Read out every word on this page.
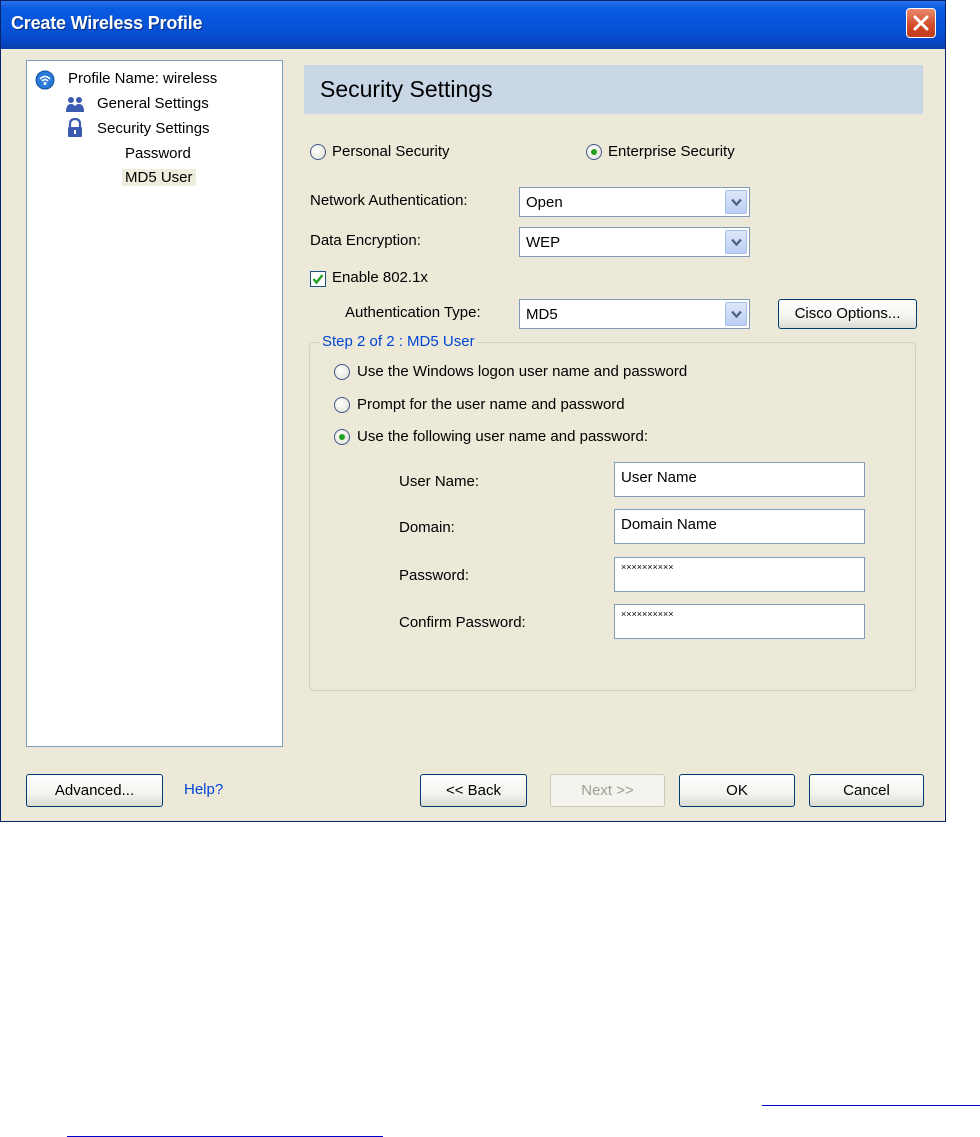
Create Wireless Profile
Profile Name: wireless
General Settings
Security Settings
Password
MD5 User
Security Settings
Personal Security	Enterprise Security
Network Authentication:	Open
Data Encryption:	WEP
Enable 802.1x
Authentication Type:	MD5	Cisco Options...
Step 2 of 2 : MD5 User
Use the Windows logon user name and password
Prompt for the user name and password
Use the following user name and password:
User Name:	User Name
Domain:	Domain Name
Password:	××××××××××
Confirm Password:	××××××××××
Advanced...	Help?	<< Back	Next >>	OK	Cancel
